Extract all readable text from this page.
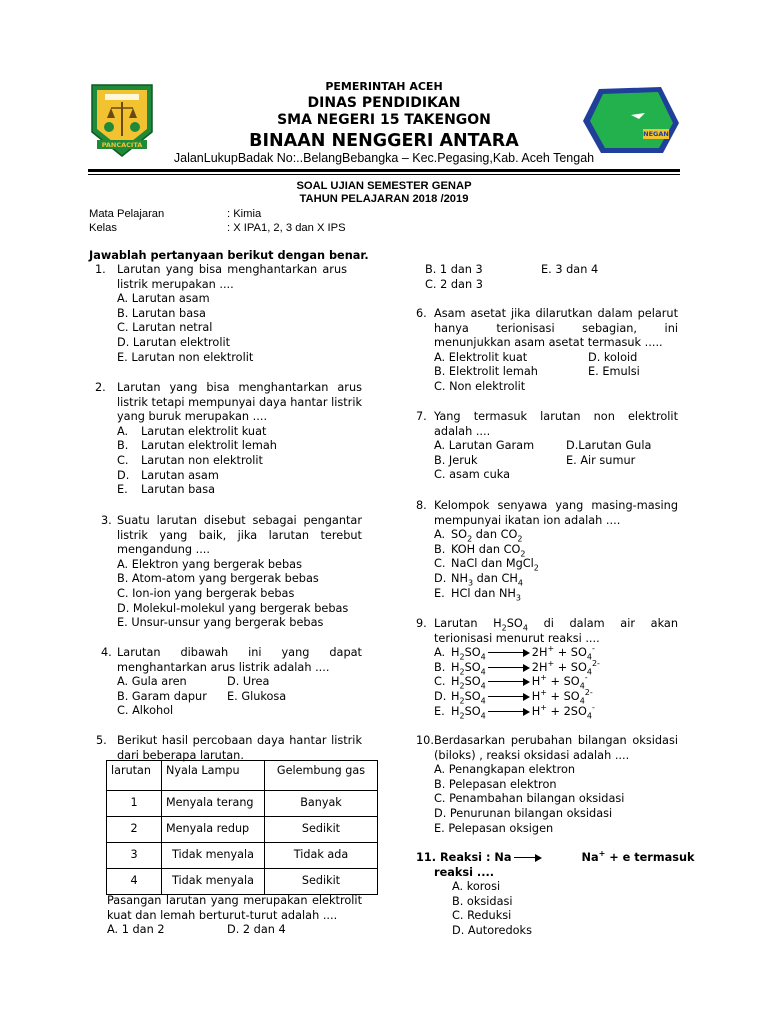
PANCACITA
NEGAN
PEMERINTAH ACEH
DINAS PENDIDIKAN
SMA NEGERI 15 TAKENGON
BINAAN NENGGERI ANTARA
JalanLukupBadak No:..BelangBebangka – Kec.Pegasing,Kab. Aceh Tengah
SOAL UJIAN SEMESTER GENAP
TAHUN PELAJARAN 2018 /2019
Mata Pelajaran	: Kimia
Kelas	: X IPA1, 2, 3 dan X IPS
Jawablah pertanyaan berikut dengan benar.
1. Larutan yang bisa menghantarkan arus listrik merupakan ....
A. Larutan asam
B. Larutan basa
C. Larutan netral
D. Larutan elektrolit
E. Larutan non elektrolit
2. Larutan yang bisa menghantarkan arus listrik tetapi mempunyai daya hantar listrik yang buruk merupakan ....
A. Larutan elektrolit kuat
B. Larutan elektrolit lemah
C. Larutan non elektrolit
D. Larutan asam
E. Larutan basa
3. Suatu larutan disebut sebagai pengantar listrik yang baik, jika larutan terebut mengandung ....
A. Elektron yang bergerak bebas
B. Atom-atom yang bergerak bebas
C. Ion-ion yang bergerak bebas
D. Molekul-molekul yang bergerak bebas
E. Unsur-unsur yang bergerak bebas
4. Larutan dibawah ini yang dapat menghantarkan arus listrik adalah ....
A. Gula aren	D. Urea
B. Garam dapur E. Glukosa
C. Alkohol
5. Berikut hasil percobaan daya hantar listrik dari beberapa larutan.
larutan	Nyala Lampu	Gelembung gas
1	Menyala terang	Banyak
2	Menyala redup	Sedikit
3	Tidak menyala	Tidak ada
4	Tidak menyala	Sedikit
Pasangan larutan yang merupakan elektrolit kuat dan lemah berturut-turut adalah ....
A. 1 dan 2	D. 2 dan 4
B. 1 dan 3	E. 3 dan 4
C. 2 dan 3
6. Asam asetat jika dilarutkan dalam pelarut hanya terionisasi sebagian, ini menunjukkan asam asetat termasuk .....
A. Elektrolit kuat	D. koloid
B. Elektrolit lemah	E. Emulsi
C. Non elektrolit
7. Yang termasuk larutan non elektrolit adalah ....
A. Larutan Garam	D.Larutan Gula
B. Jeruk	E. Air sumur
C. asam cuka
8. Kelompok senyawa yang masing-masing mempunyai ikatan ion adalah ....
A. $SO_2$ dan $CO_2$
B. KOH dan $CO_2$
C. NaCl dan MgCl$_2$
D. $NH_3$ dan $CH_4$
E. HCl dan $NH_3$
9. Larutan $H_2SO_4$ di dalam air akan terionisasi menurut reaksi ....
A. $H_2SO_4$	$2H^+ + SO_4^-$
B. $H_2SO_4$	$2H^+ + SO_4^{2-}$
C. $H_2SO_4$	$H^+ + SO_4^-$
D. $H_2SO_4$	$H^+ + SO_4^{2-}$
E. $H_2SO_4$	$H^+ + 2SO_4^-$
10. Berdasarkan perubahan bilangan oksidasi (biloks) , reaksi oksidasi adalah ....
A. Penangkapan elektron
B. Pelepasan elektron
C. Penambahan bilangan oksidasi
D. Penurunan bilangan oksidasi
E. Pelepasan oksigen
11. Reaksi : Na	Na+ + e termasuk
reaksi ....
A. korosi
B. oksidasi
C. Reduksi
D. Autoredoks
